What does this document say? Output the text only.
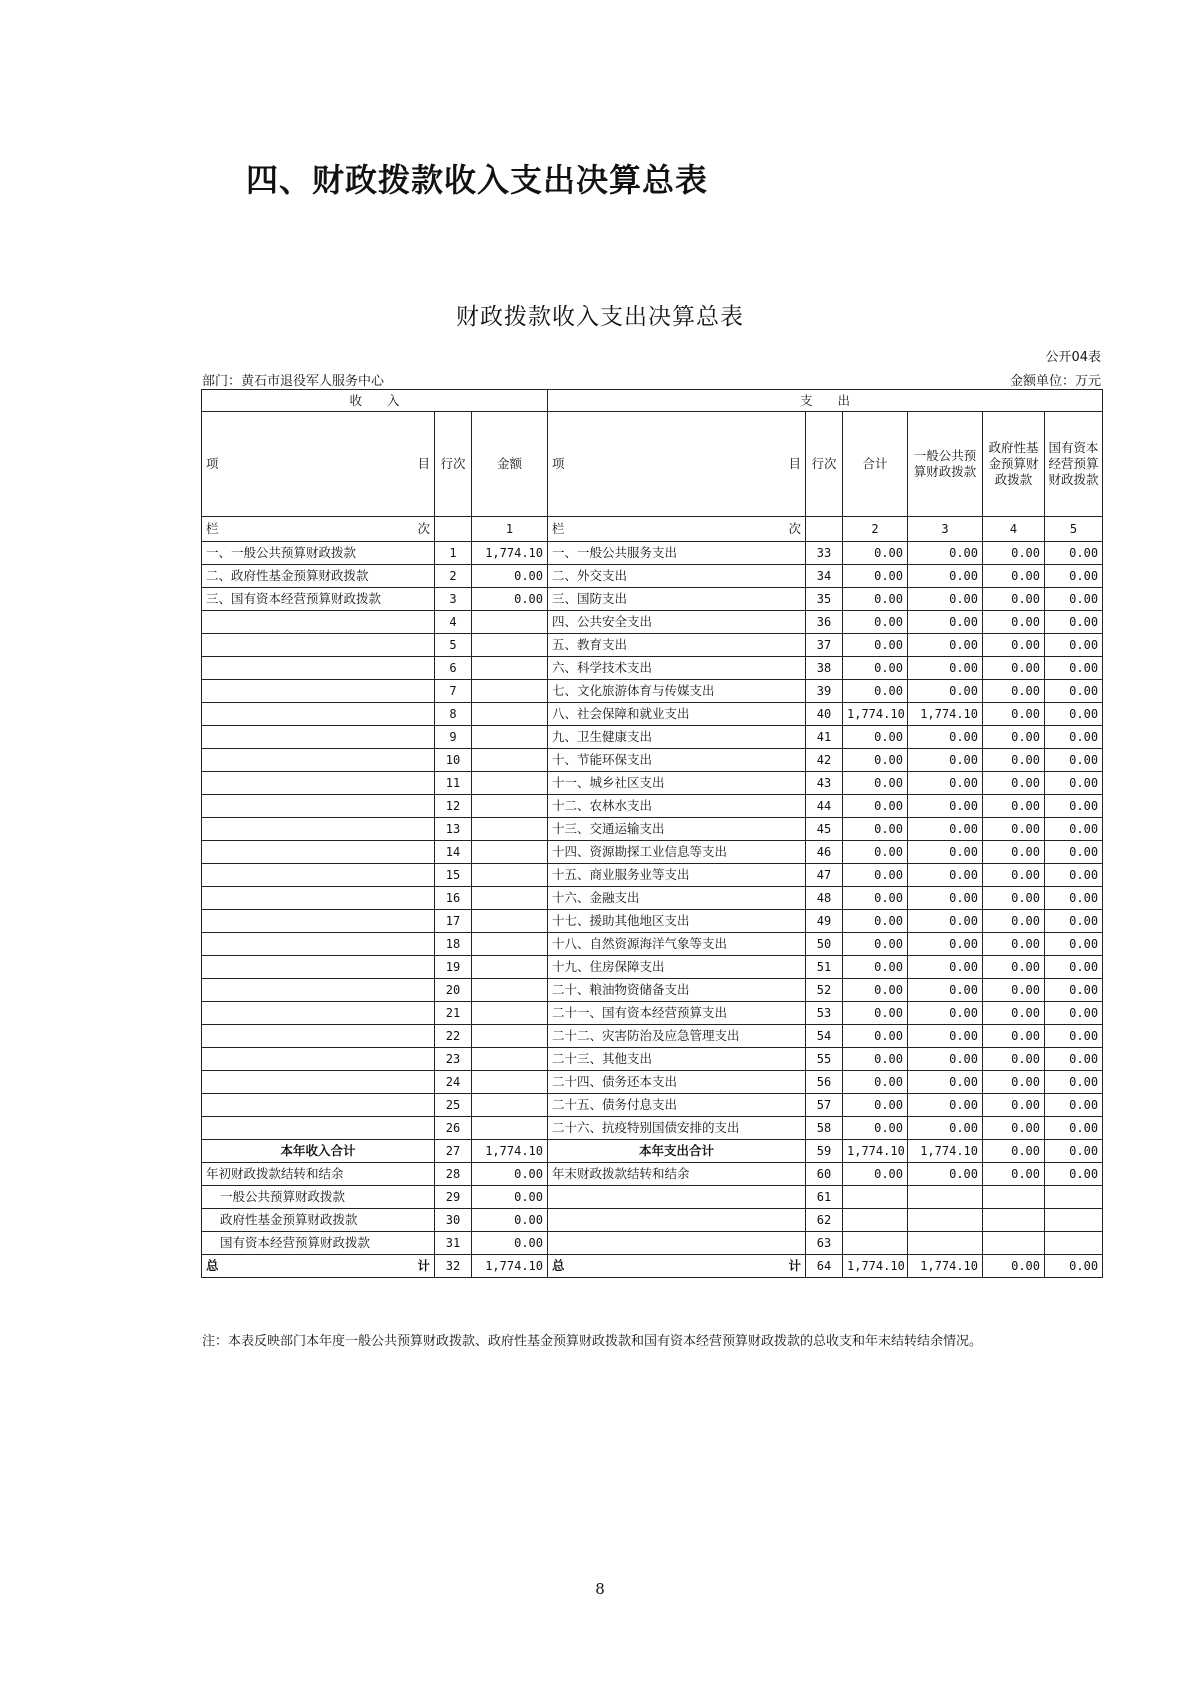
四、财政拨款收入支出决算总表
财政拨款收入支出决算总表
公开04表
部门：黄石市退役军人服务中心	金额单位：万元
收　　入			支　　出					

项 目	行次	金额	项 目	行次	合计	一般公共预算财政拨款	政府性基金预算财政拨款	国有资本经营预算财政拨款

栏 次		1	栏 次		2	3	4	5
一、一般公共预算财政拨款	1	1,774.10	一、一般公共服务支出	33	0.00	0.00	0.00	0.00
二、政府性基金预算财政拨款	2	0.00	二、外交支出	34	0.00	0.00	0.00	0.00
三、国有资本经营预算财政拨款	3	0.00	三、国防支出	35	0.00	0.00	0.00	0.00
	4		四、公共安全支出	36	0.00	0.00	0.00	0.00
	5		五、教育支出	37	0.00	0.00	0.00	0.00
	6		六、科学技术支出	38	0.00	0.00	0.00	0.00
	7		七、文化旅游体育与传媒支出	39	0.00	0.00	0.00	0.00
	8		八、社会保障和就业支出	40	1,774.10	1,774.10	0.00	0.00
	9		九、卫生健康支出	41	0.00	0.00	0.00	0.00
	10		十、节能环保支出	42	0.00	0.00	0.00	0.00
	11		十一、城乡社区支出	43	0.00	0.00	0.00	0.00
	12		十二、农林水支出	44	0.00	0.00	0.00	0.00
	13		十三、交通运输支出	45	0.00	0.00	0.00	0.00
	14		十四、资源勘探工业信息等支出	46	0.00	0.00	0.00	0.00
	15		十五、商业服务业等支出	47	0.00	0.00	0.00	0.00
	16		十六、金融支出	48	0.00	0.00	0.00	0.00
	17		十七、援助其他地区支出	49	0.00	0.00	0.00	0.00
	18		十八、自然资源海洋气象等支出	50	0.00	0.00	0.00	0.00
	19		十九、住房保障支出	51	0.00	0.00	0.00	0.00
	20		二十、粮油物资储备支出	52	0.00	0.00	0.00	0.00
	21		二十一、国有资本经营预算支出	53	0.00	0.00	0.00	0.00
	22		二十二、灾害防治及应急管理支出	54	0.00	0.00	0.00	0.00
	23		二十三、其他支出	55	0.00	0.00	0.00	0.00
	24		二十四、债务还本支出	56	0.00	0.00	0.00	0.00
	25		二十五、债务付息支出	57	0.00	0.00	0.00	0.00
	26		二十六、抗疫特别国债安排的支出	58	0.00	0.00	0.00	0.00
本年收入合计	27	1,774.10	本年支出合计	59	1,774.10	1,774.10	0.00	0.00
年初财政拨款结转和结余	28	0.00	年末财政拨款结转和结余	60	0.00	0.00	0.00	0.00
一般公共预算财政拨款	29	0.00		61				
政府性基金预算财政拨款	30	0.00		62				
国有资本经营预算财政拨款	31	0.00		63				

总 计	32	1,774.10	总 计	64	1,774.10	1,774.10	0.00	0.00
注：本表反映部门本年度一般公共预算财政拨款、政府性基金预算财政拨款和国有资本经营预算财政拨款的总收支和年末结转结余情况。
8
